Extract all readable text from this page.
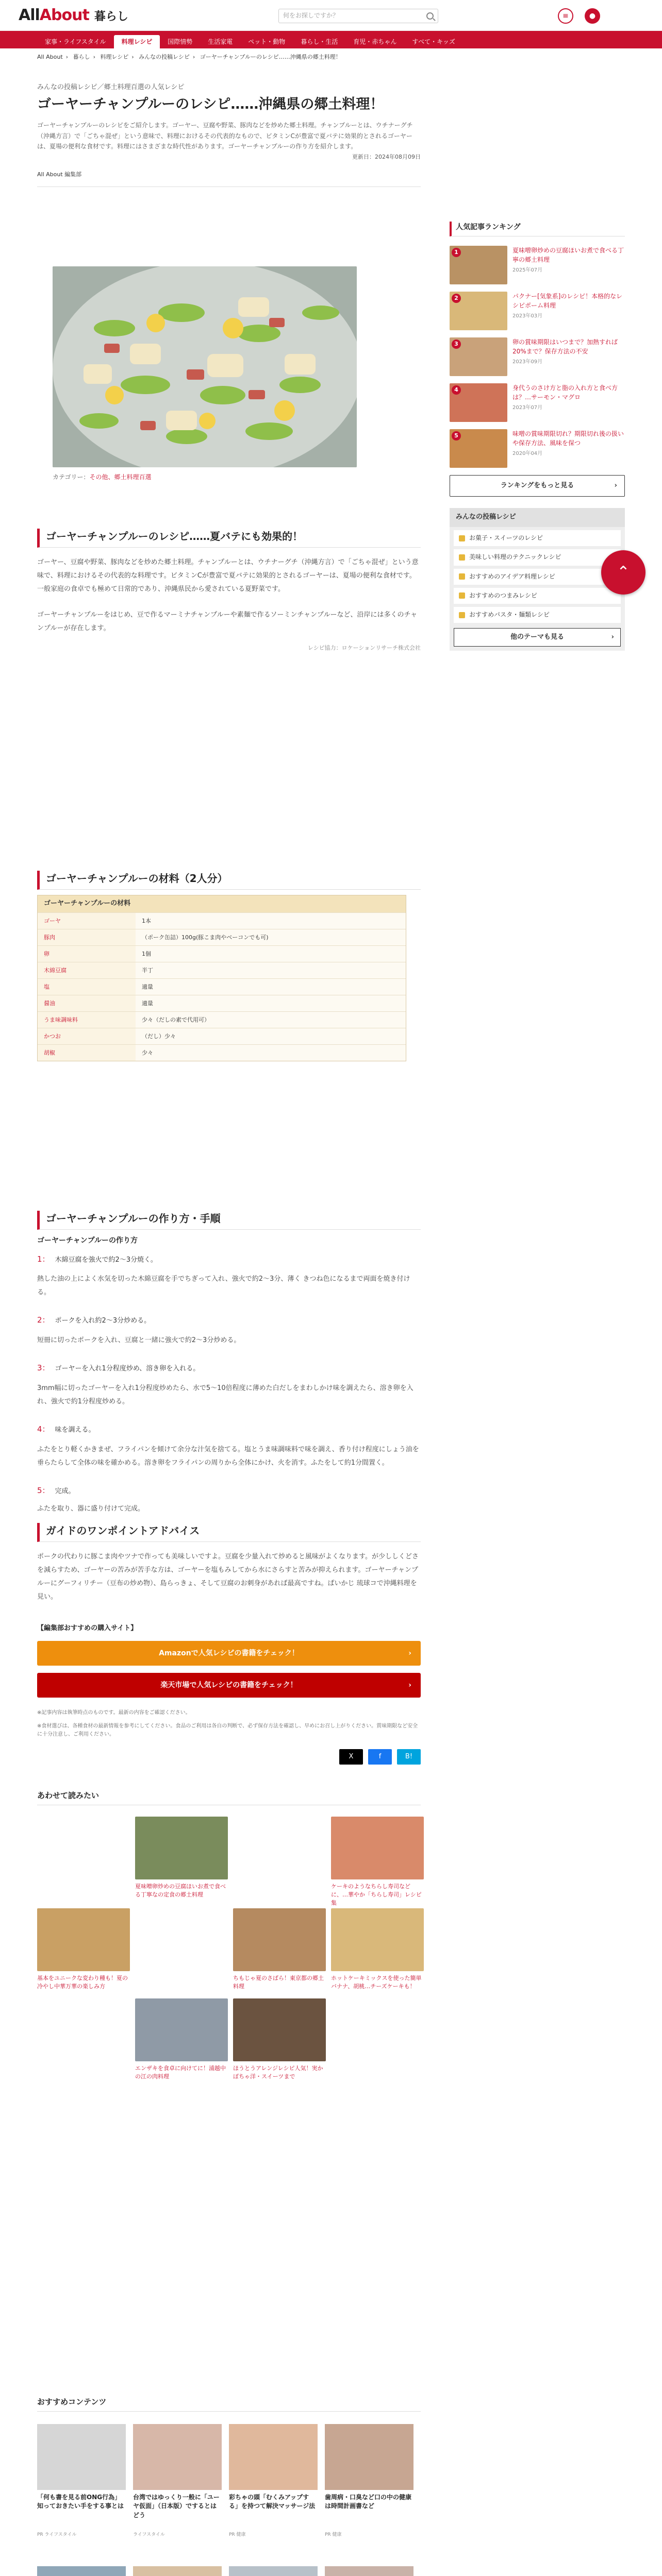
All About 暮らし	何をお探しですか？	≡	●
家事・ライフスタイル	料理レシピ	国際情勢	生活家電	ペット・動物	暮らし・生活	育児・赤ちゃん	すべて・キッズ
All About › 暮らし › 料理レシピ › みんなの投稿レシピ › ゴーヤーチャンプルーのレシピ……沖縄県の郷土料理！
みんなの投稿レシピ／郷土料理百選の人気レシピ
ゴーヤーチャンプルーのレシピ……沖縄県の郷土料理！
ゴーヤーチャンプルーのレシピをご紹介します。ゴーヤー、豆腐や野菜、豚肉などを炒めた郷土料理。チャンプルーとは、ウチナーグチ（沖縄方言）で「ごちゃ混ぜ」という意味で、料理におけるその代表的なもので、ビタミンCが豊富で夏バテに効果的とされるゴーヤーは、夏場の便利な食材です。料理にはさまざまな時代性があります。ゴーヤーチャンプルーの作り方を紹介します。
更新日：2024年08月09日
All About 編集部
カテゴリー：その他、郷土料理百選
ゴーヤーチャンプルーのレシピ……夏バテにも効果的！
ゴーヤー、豆腐や野菜、豚肉などを炒めた郷土料理。チャンプルーとは、ウチナーグチ（沖縄方言）で「ごちゃ混ぜ」という意味で、料理におけるその代表的な料理です。ビタミンCが豊富で夏バテに効果的とされるゴーヤーは、夏場の便利な食材です。一般家庭の食卓でも極めて日常的であり、沖縄県民から愛されている夏野菜です。
ゴーヤーチャンプルーをはじめ、豆で作るマーミナチャンプルーや素麺で作るソーミンチャンプルーなど、沿岸には多くのチャンプルーが存在します。
レシピ協力：ロケーションリサーチ株式会社
ゴーヤーチャンプルーの材料（2人分）
ゴーヤーチャンプルーの材料
ゴーヤ	1本
豚肉	（ポーク缶詰）100g(豚こま肉やベーコンでも可)
卵	1個
木綿豆腐	半丁
塩	適量
醤油	適量
うま味調味料	少々（だしの素で代用可）
かつお	（だし）少々
胡椒	少々
ゴーヤーチャンプルーの作り方・手順
ゴーヤーチャンプルーの作り方
1： 木綿豆腐を強火で約2〜3分焼く。
熱した油の上によく水気を切った木綿豆腐を手でちぎって入れ、強火で約2〜3分、薄く きつね色になるまで両面を焼き付ける。
2： ポークを入れ約2〜3分炒める。
短冊に切ったポークを入れ、豆腐と一緒に強火で約2〜3分炒める。
3： ゴーヤーを入れ1分程度炒め、溶き卵を入れる。
3mm幅に切ったゴーヤーを入れ1分程度炒めたら、水で5〜10倍程度に薄めた白だしをまわしかけ味を調えたら、溶き卵を入れ、強火で約1分程度炒める。
4： 味を調える。
ふたをとり軽くかきまぜ、フライパンを傾けて余分な汁気を捨てる。塩とうま味調味料で味を調え、香り付け程度にしょう油を垂らたらして全体の味を確かめる。溶き卵をフライパンの周りから全体にかけ、火を消す。ふたをして約1分間置く。
5： 完成。
ふたを取り、器に盛り付けて完成。
ガイドのワンポイントアドバイス
ポークの代わりに豚こま肉やツナで作っても美味しいですよ。豆腐を少量入れて炒めると風味がよくなります。が少ししくどさを減らすため、ゴーヤーの苦みが苦手な方は、ゴーヤーを塩もみしてから水にさらすと苦みが抑えられます。ゴーヤーチャンプルーにグーフィリチー（豆布の炒め物）、島らっきょ、そして豆腐のお刺身があれば最高ですね。ぱいかじ 琉球コで沖縄料理を見い。
【編集部おすすめの購入サイト】
Amazonで人気レシピの書籍をチェック！	›
楽天市場で人気レシピの書籍をチェック！	›
※記事内容は執筆時点のものです。最新の内容をご確認ください。
※食材選びは、各種食材の最新情報を参考にしてください。食品のご利用は各自の判断で、必ず保存方法を確認し、早めにお召し上がりください。賞味期限など安全に十分注意し、ご利用ください。
X	f	B!
あわせて読みたい
夏味噌卵炒めの豆腐ほいお煮で食べる丁寧なの定食の郷土料理
ケーキのようなちらし寿司などに、…華やか「ちらし寿司」レシピ集
基本をユニークな変わり種も！夏の冷やし中華万華の楽しみ方
ちもじゃ夏のさばら！東京都の郷土料理
ホットケーキミックスを使った簡単バナナ、胡桃…チーズケーキも！
エンザキを食卓に向けてに！浦越中の江の肉料理
ほうとうアレンジレシピ人気！実かぼちゃ洋・スイーツまで
おすすめコンテンツ
「何も書を見る前ONG行為」知っておきたい手をする事とは
PR ライフスタイル
台湾ではゆっくり一般に「ユーヤ仮面」（日本版）でするとはどう
ライフスタイル
彩ちゃの頭「むくみアップする」を持つて解決マッサージ法
PR 健康
歯周病・口臭など口の中の健康は時間計画書など
PR 健康
人気記事ランキング
1	夏味噌卵炒めの豆腐ほいお煮で食べる丁寧の郷土料理
2025年07月
2	パクナー[気象系]のレシピ！本格的なレシピポーム料理
2023年03月
3	卵の賞味期限はいつまで？加熱すれば20%まで？保存方法の不安
2023年09月
4	身代うのさけ方と脂の入れ方と食べ方は？…サーモン・マグロ
2023年07月
5	味噌の賞味期限切れ？期限切れ後の扱いや保存方法、風味を保つ
2020年04月
ランキングをもっと見る	›
みんなの投稿レシピ
お菓子・スイーツのレシピ
美味しい料理のテクニックレシピ
おすすめのアイデア料理レシピ
おすすめのつまみレシピ
おすすめパスタ・麺類レシピ
他のテーマも見る	›
⌃
